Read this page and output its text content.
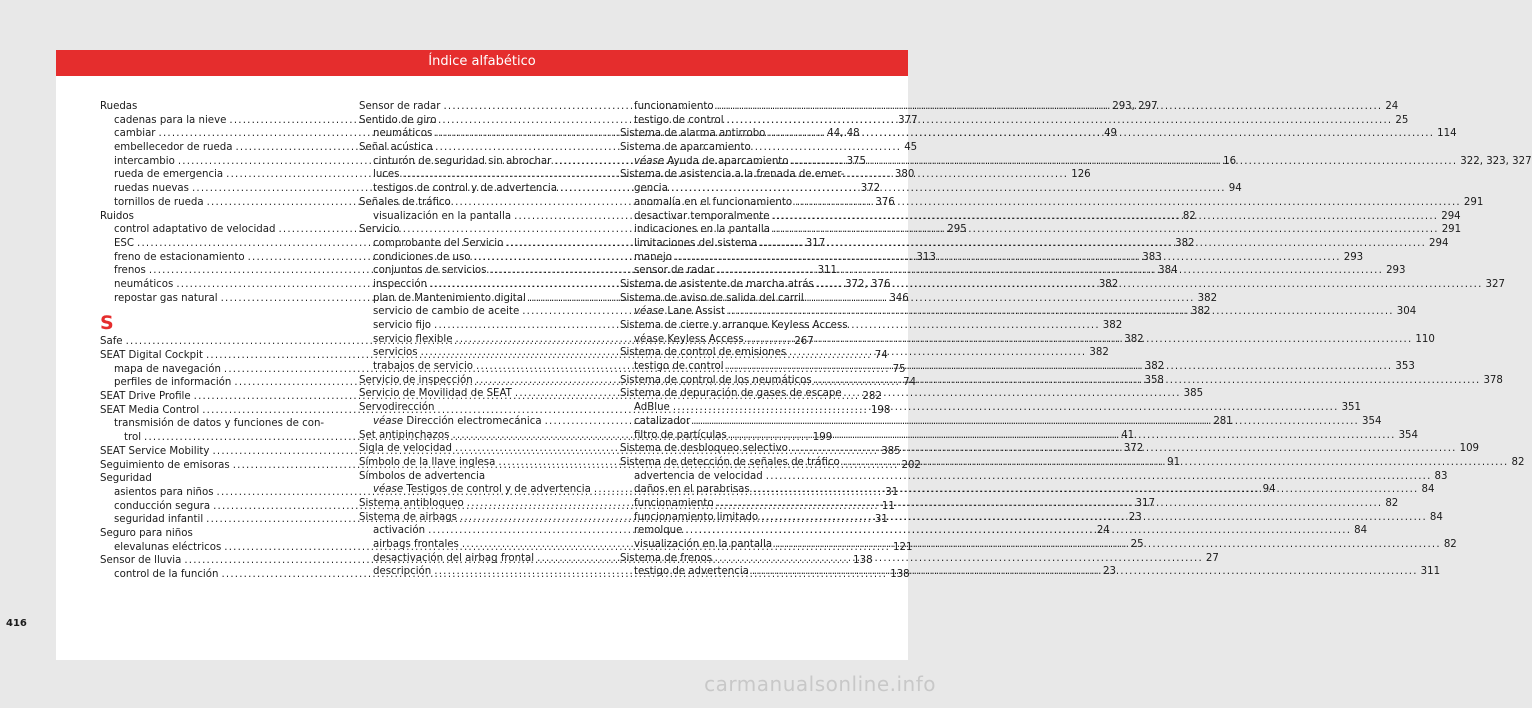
Índice alfabético
Ruedas
cadenas para la nieve .....	377
cambiar .....	44, 48
embellecedor de rueda .....	45
intercambio .....	375
rueda de emergencia .....	380
ruedas nuevas .....	372
tornillos de rueda .....	376
Ruidos
control adaptativo de velocidad .....	295
ESC .....	317
freno de estacionamiento .....	313
frenos .....	311
neumáticos .....	372, 376
repostar gas natural .....	346
S
Safe .....	267
SEAT Digital Cockpit .....	74
mapa de navegación .....	75
perfiles de información .....	74
SEAT Drive Profile .....	282
SEAT Media Control .....	198
transmisión de datos y funciones de con-
trol .....	199
SEAT Service Mobility .....	385
Seguimiento de emisoras .....	202
Seguridad
asientos para niños .....	31
conducción segura .....	11
seguridad infantil .....	31
Seguro para niños
elevalunas eléctricos .....	121
Sensor de lluvia .....	138
control de la función .....	138
Sensor de radar .....	293, 297
Sentido de giro
neumáticos .....	49
Señal acústica
cinturón de seguridad sin abrochar .....	16
luces .....	126
testigos de control y de advertencia .....	94
Señales de tráfico
visualización en la pantalla .....	82
Servicio
comprobante del Servicio .....	382
condiciones de uso .....	383
conjuntos de servicios .....	384
inspección .....	382
plan de Mantenimiento digital .....	382
servicio de cambio de aceite .....	382
servicio fijo .....	382
servicio flexible .....	382
servicios .....	382
trabajos de servicio .....	382
Servicio de inspección .....	358
Servicio de Movilidad de SEAT .....	385
Servodirección
véase Dirección electromecánica .....	281
Set antipinchazos .....	41
Sigla de velocidad .....	372
Símbolo de la llave inglesa .....	91
Símbolos de advertencia
véase Testigos de control y de advertencia .....	94
Sistema antibloqueo .....	317
Sistema de airbags .....	23
activación .....	24
airbags frontales .....	25
desactivación del airbag frontal .....	27
descripción .....	23
funcionamiento .....	24
testigo de control .....	25
Sistema de alarma antirrobo .....	114
Sistema de aparcamiento
véase Ayuda de aparcamiento .....	322, 323, 327
Sistema de asistencia a la frenada de emer-
gencia
anomalía en el funcionamiento .....	291
desactivar temporalmente .....	294
indicaciones en la pantalla .....	291
limitaciones del sistema .....	294
manejo .....	293
sensor de radar .....	293
Sistema de asistente de marcha atrás .....	327
Sistema de aviso de salida del carril
véase Lane Assist .....	304
Sistema de cierre y arranque Keyless Access
véase Keyless Access .....	110
Sistema de control de emisiones
testigo de control .....	353
Sistema de control de los neumáticos .....	378
Sistema de depuración de gases de escape
AdBlue .....	351
catalizador .....	354
filtro de partículas .....	354
Sistema de desbloqueo selectivo .....	109
Sistema de detección de señales de tráfico .....	82
advertencia de velocidad .....	83
daños en el parabrisas .....	84
funcionamiento .....	82
funcionamiento limitado .....	84
remolque .....	84
visualización en la pantalla .....	82
Sistema de frenos
testigo de advertencia .....	311
416
carmanualsonline.info
